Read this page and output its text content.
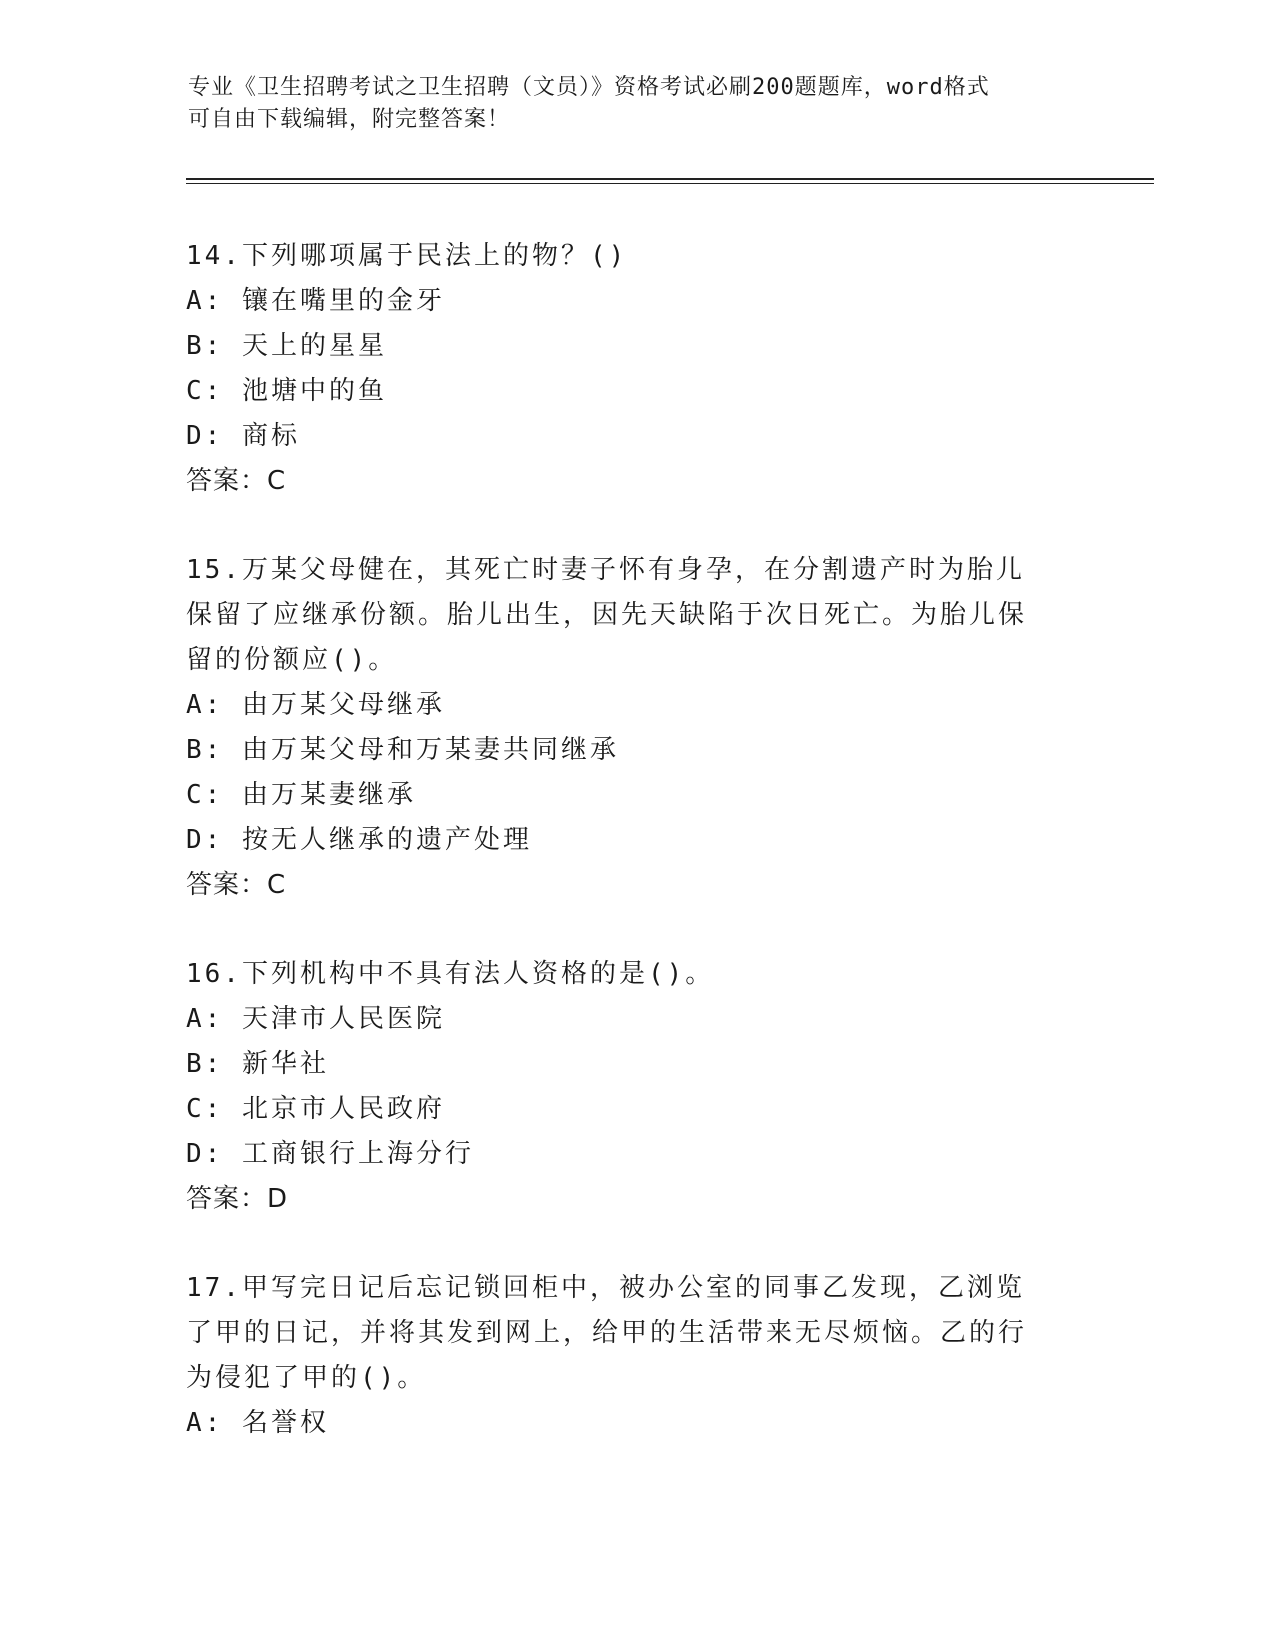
专业《卫生招聘考试之卫生招聘（文员）》资格考试必刷200题题库，word格式
可自由下载编辑，附完整答案！
14.下列哪项属于民法上的物？()
A: 镶在嘴里的金牙
B: 天上的星星
C: 池塘中的鱼
D: 商标
答案：C
15.万某父母健在，其死亡时妻子怀有身孕，在分割遗产时为胎儿保留了应继承份额。胎儿出生，因先天缺陷于次日死亡。为胎儿保留的份额应()。
A: 由万某父母继承
B: 由万某父母和万某妻共同继承
C: 由万某妻继承
D: 按无人继承的遗产处理
答案：C
16.下列机构中不具有法人资格的是()。
A: 天津市人民医院
B: 新华社
C: 北京市人民政府
D: 工商银行上海分行
答案：D
17.甲写完日记后忘记锁回柜中，被办公室的同事乙发现，乙浏览了甲的日记，并将其发到网上，给甲的生活带来无尽烦恼。乙的行为侵犯了甲的()。
A: 名誉权
